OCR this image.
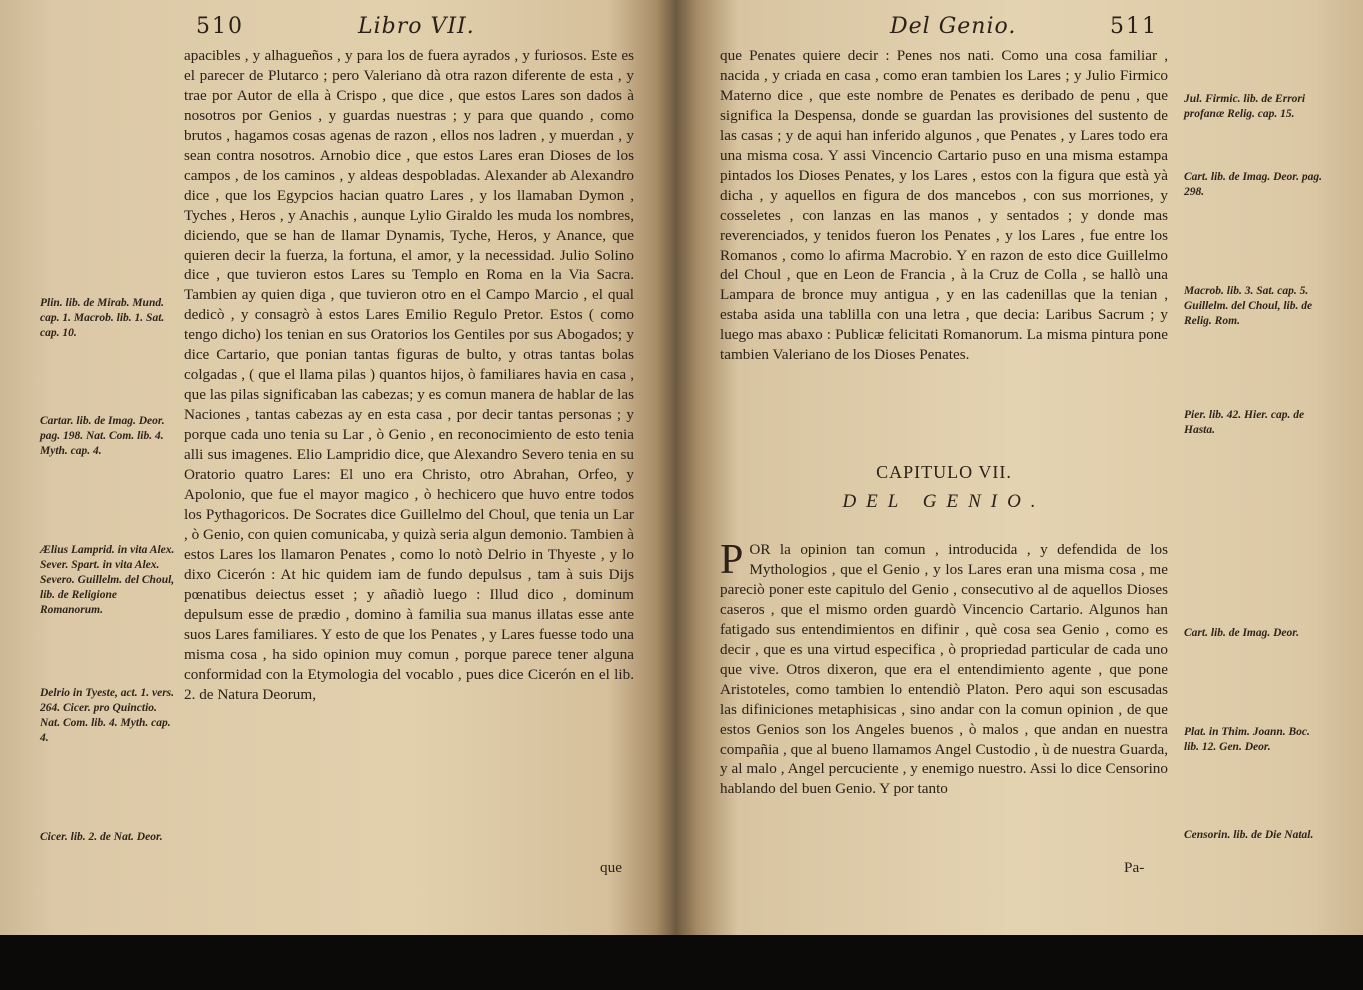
510	Libro VII.
Plin. lib. de Mirab. Mund. cap. 1. Macrob. lib. 1. Sat. cap. 10.
Cartar. lib. de Imag. Deor. pag. 198. Nat. Com. lib. 4. Myth. cap. 4.
Ælius Lamprid. in vita Alex. Sever. Spart. in vita Alex. Severo. Guillelm. del Choul, lib. de Religione Romanorum.
Delrio in Tyeste, act. 1. vers. 264. Cicer. pro Quinctio. Nat. Com. lib. 4. Myth. cap. 4.
Cicer. lib. 2. de Nat. Deor.

apacibles , y alhagueños , y para los de fuera ayrados , y furiosos. Este es el parecer de Plutarco ; pero Valeriano dà otra razon diferente de esta , y trae por Autor de ella à Crispo , que dice , que estos Lares son dados à nosotros por Genios , y guardas nuestras ; y para que quando , como brutos , hagamos cosas agenas de razon , ellos nos ladren , y muerdan , y sean contra nosotros. Arnobio dice , que estos Lares eran Dioses de los campos , de los caminos , y aldeas despobladas. Alexander ab Alexandro dice , que los Egypcios hacian quatro Lares , y los llamaban Dymon , Tyches , Heros , y Anachis , aunque Lylio Giraldo les muda los nombres, diciendo, que se han de llamar Dynamis, Tyche, Heros, y Anance, que quieren decir la fuerza, la fortuna, el amor, y la necessidad. Julio Solino dice , que tuvieron estos Lares su Templo en Roma en la Via Sacra. Tambien ay quien diga , que tuvieron otro en el Campo Marcio , el qual dedicò , y consagrò à estos Lares Emilio Regulo Pretor. Estos ( como tengo dicho) los tenian en sus Oratorios los Gentiles por sus Abogados; y dice Cartario, que ponian tantas figuras de bulto, y otras tantas bolas colgadas , ( que el llama pilas ) quantos hijos, ò familiares havia en casa , que las pilas significaban las cabezas; y es comun manera de hablar de las Naciones , tantas cabezas ay en esta casa , por decir tantas personas ; y porque cada uno tenia su Lar , ò Genio , en reconocimiento de esto tenia alli sus imagenes. Elio Lampridio dice, que Alexandro Severo tenia en su Oratorio quatro Lares: El uno era Christo, otro Abrahan, Orfeo, y Apolonio, que fue el mayor magico , ò hechicero que huvo entre todos los Pythagoricos. De Socrates dice Guillelmo del Choul, que tenia un Lar , ò Genio, con quien comunicaba, y quizà seria algun demonio. Tambien à estos Lares los llamaron Penates , como lo notò Delrio in Thyeste , y lo dixo Cicerón : At hic quidem iam de fundo depulsus , tam à suis Dijs pœnatibus deiectus esset ; y añadiò luego : Illud dico , dominum depulsum esse de prædio , domino à familia sua manus illatas esse ante suos Lares familiares. Y esto de que los Penates , y Lares fuesse todo una misma cosa , ha sido opinion muy comun , porque parece tener alguna conformidad con la Etymologia del vocablo , pues dice Cicerón en el lib. 2. de Natura Deorum,

que
Del Genio.	511
Jul. Firmic. lib. de Errori profanæ Relig. cap. 15.
Cart. lib. de Imag. Deor. pag. 298.
Macrob. lib. 3. Sat. cap. 5. Guillelm. del Choul, lib. de Relig. Rom.
Pier. lib. 42. Hier. cap. de Hasta.
Cart. lib. de Imag. Deor.
Plat. in Thim. Joann. Boc. lib. 12. Gen. Deor.
Censorin. lib. de Die Natal.

que Penates quiere decir : Penes nos nati. Como una cosa familiar , nacida , y criada en casa , como eran tambien los Lares ; y Julio Firmico Materno dice , que este nombre de Penates es deribado de penu , que significa la Despensa, donde se guardan las provisiones del sustento de las casas ; y de aqui han inferido algunos , que Penates , y Lares todo era una misma cosa. Y assi Vincencio Cartario puso en una misma estampa pintados los Dioses Penates, y los Lares , estos con la figura que està yà dicha , y aquellos en figura de dos mancebos , con sus morriones, y cosseletes , con lanzas en las manos , y sentados ; y donde mas reverenciados, y tenidos fueron los Penates , y los Lares , fue entre los Romanos , como lo afirma Macrobio. Y en razon de esto dice Guillelmo del Choul , que en Leon de Francia , à la Cruz de Colla , se hallò una Lampara de bronce muy antigua , y en las cadenillas que la tenian , estaba asida una tablilla con una letra , que decia: Laribus Sacrum ; y luego mas abaxo : Publicæ felicitati Romanorum. La misma pintura pone tambien Valeriano de los Dioses Penates.

CAPITULO VII.
DEL GENIO.
P OR la opinion tan comun , introducida , y defendida de los Mythologios , que el Genio , y los Lares eran una misma cosa , me pareciò poner este capitulo del Genio , consecutivo al de aquellos Dioses caseros , que el mismo orden guardò Vincencio Cartario. Algunos han fatigado sus entendimientos en difinir , què cosa sea Genio , como es decir , que es una virtud especifica , ò propriedad particular de cada uno que vive. Otros dixeron, que era el entendimiento agente , que pone Aristoteles, como tambien lo entendiò Platon. Pero aqui son escusadas las difiniciones metaphisicas , sino andar con la comun opinion , de que estos Genios son los Angeles buenos , ò malos , que andan en nuestra compañia , que al bueno llamamos Angel Custodio , ù de nuestra Guarda, y al malo , Angel percuciente , y enemigo nuestro. Assi lo dice Censorino hablando del buen Genio. Y por tanto

Pa-
